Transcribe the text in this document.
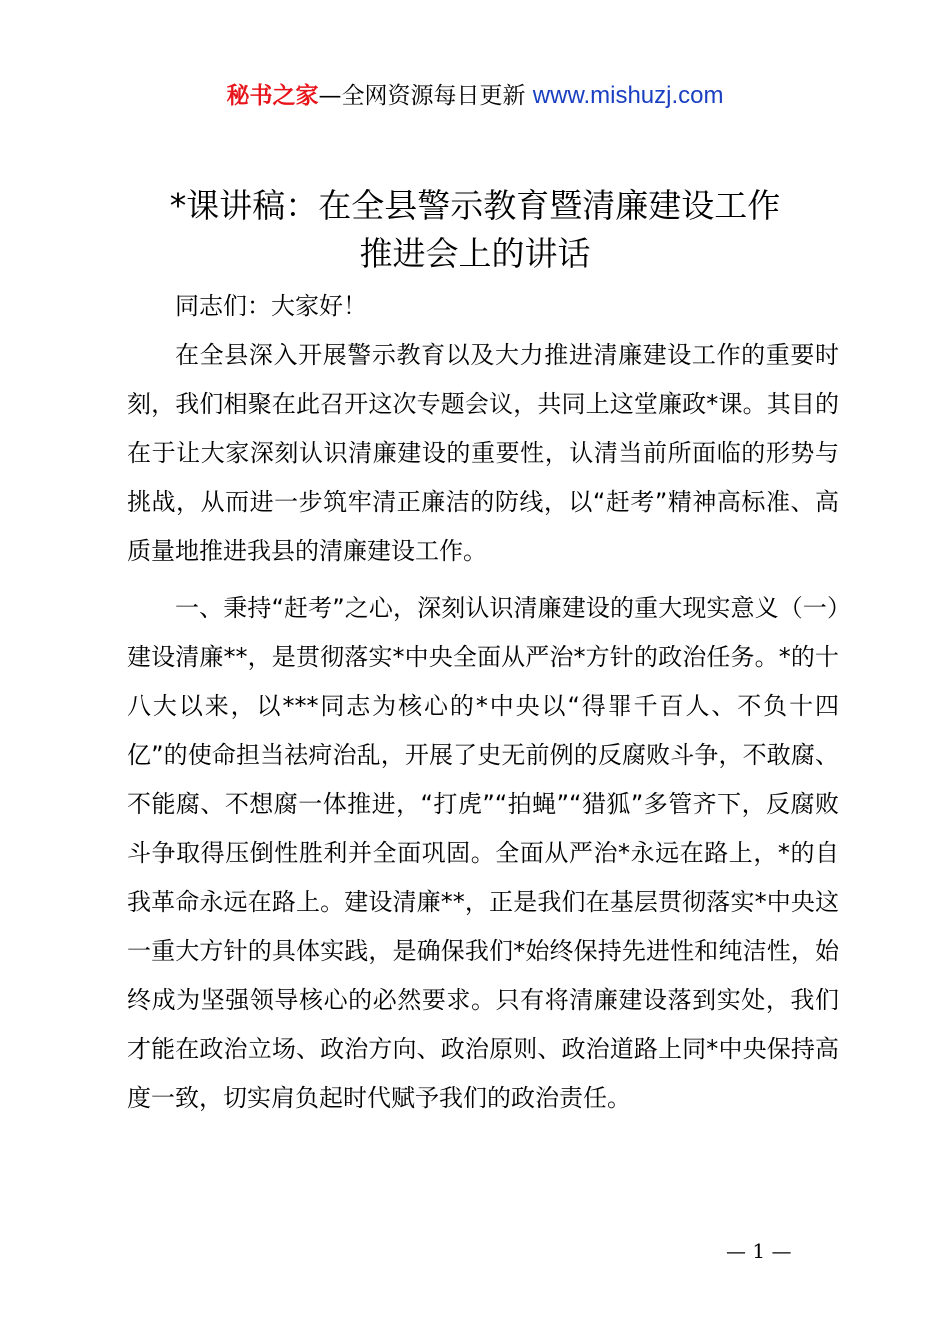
秘书之家—全网资源每日更新 www.mishuzj.com
*课讲稿：在全县警示教育暨清廉建设工作
推进会上的讲话

同志们：大家好！

在全县深入开展警示教育以及大力推进清廉建设工作的重要时刻，我们相聚在此召开这次专题会议，共同上这堂廉政*课。其目的在于让大家深刻认识清廉建设的重要性，认清当前所面临的形势与挑战，从而进一步筑牢清正廉洁的防线，以“赶考”精神高标准、高质量地推进我县的清廉建设工作。

一、秉持“赶考”之心，深刻认识清廉建设的重大现实意义（一）建设清廉**，是贯彻落实*中央全面从严治*方针的政治任务。*的十八大以来，以***同志为核心的*中央以“得罪千百人、不负十四亿”的使命担当祛疴治乱，开展了史无前例的反腐败斗争，不敢腐、不能腐、不想腐一体推进，“打虎”“拍蝇”“猎狐”多管齐下，反腐败斗争取得压倒性胜利并全面巩固。全面从严治*永远在路上，*的自我革命永远在路上。建设清廉**，正是我们在基层贯彻落实*中央这一重大方针的具体实践，是确保我们*始终保持先进性和纯洁性，始终成为坚强领导核心的必然要求。只有将清廉建设落到实处，我们才能在政治立场、政治方向、政治原则、政治道路上同*中央保持高度一致，切实肩负起时代赋予我们的政治责任。

— 1 —
